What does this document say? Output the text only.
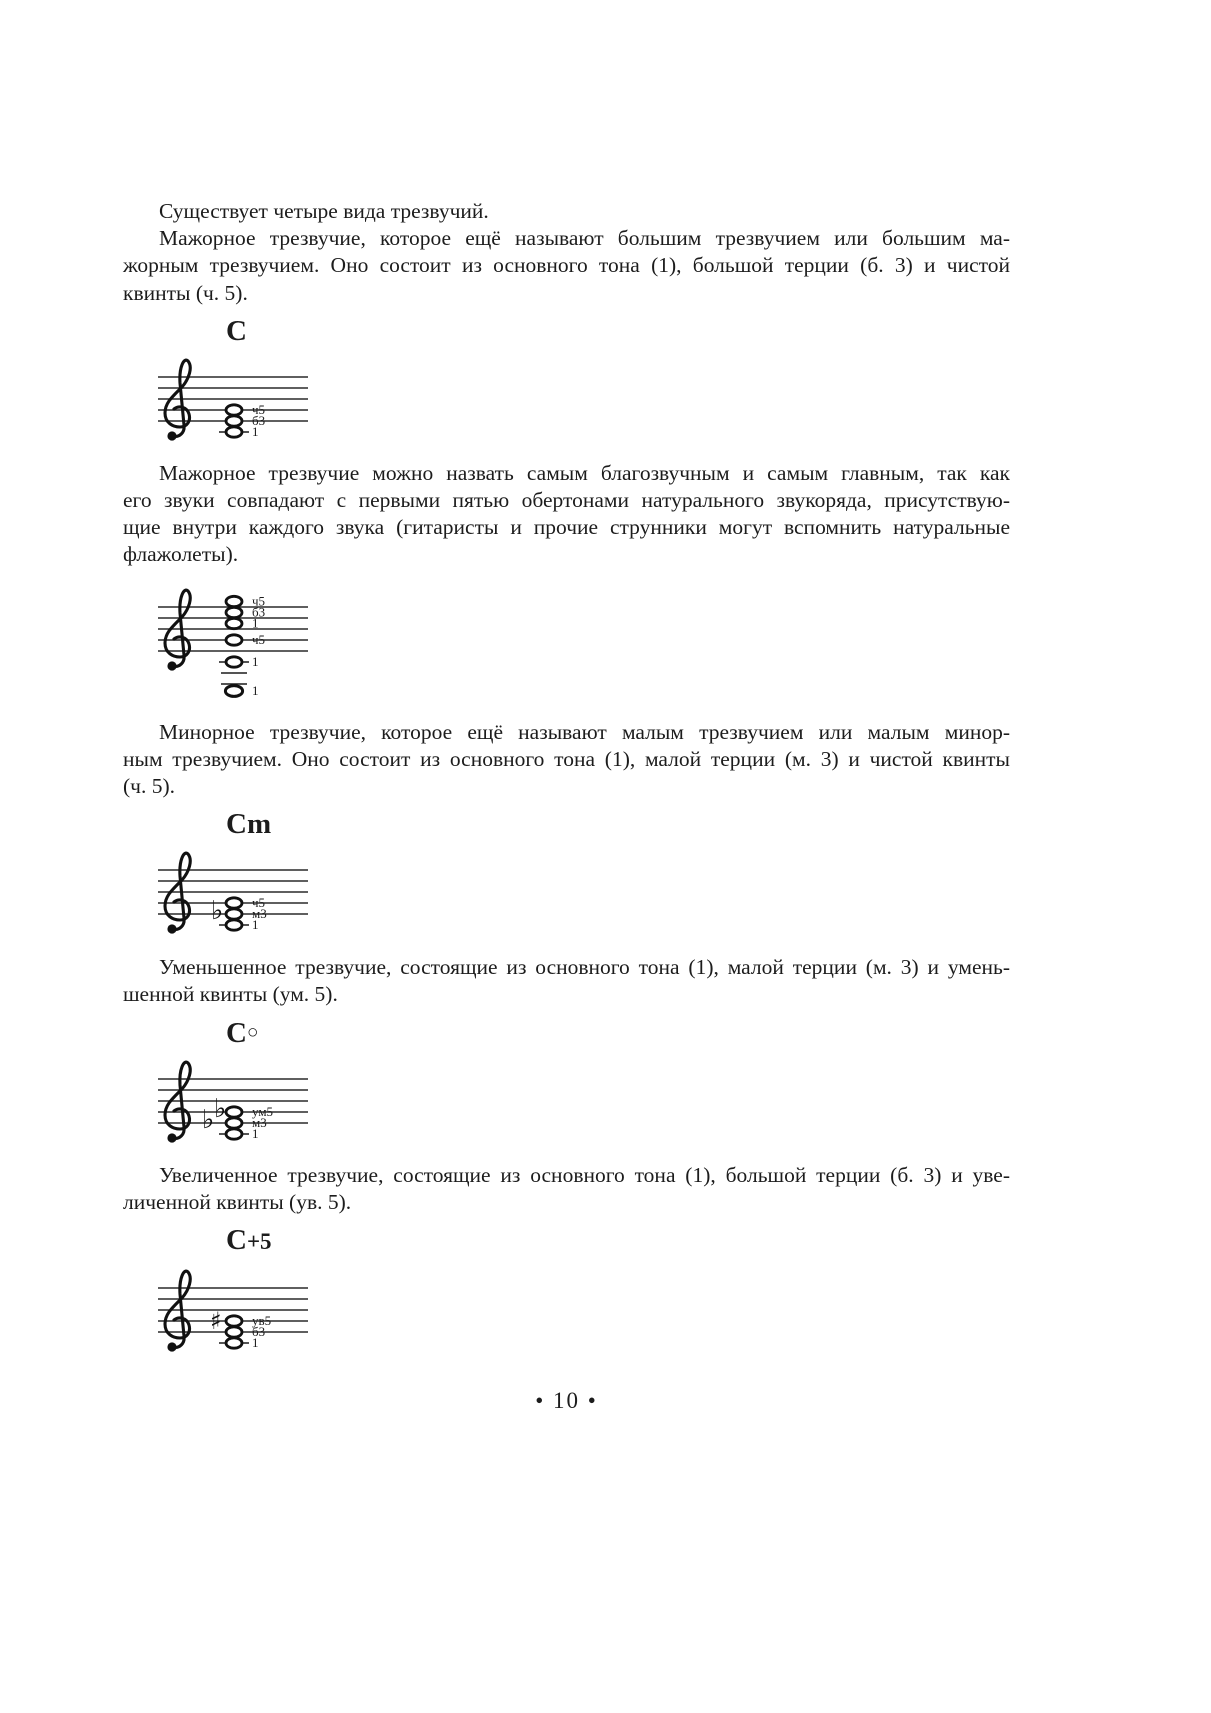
Существует четыре вида трезвучий.
Мажорное трезвучие, которое ещё называют большим трезвучием или большим ма-
жорным трезвучием. Оно состоит из основного тона (1), большой терции (б. 3) и чистой
квинты (ч. 5).
C
ч5
б3
1
Мажорное трезвучие можно назвать самым благозвучным и самым главным, так как
его звуки совпадают с первыми пятью обертонами натурального звукоряда, присутствую-
щие внутри каждого звука (гитаристы и прочие струнники могут вспомнить натуральные
флажолеты).
ч5
б3
1
ч5
1
1
Минорное трезвучие, которое ещё называют малым трезвучием или малым минор-
ным трезвучием. Оно состоит из основного тона (1), малой терции (м. 3) и чистой квинты
(ч. 5).
Cm
♭ ч5
м3
1
Уменьшенное трезвучие, состоящие из основного тона (1), малой терции (м. 3) и умень-
шенной квинты (ум. 5).
C○
♭ ♭ ум5
м3
1
Увеличенное трезвучие, состоящие из основного тона (1), большой терции (б. 3) и уве-
личенной квинты (ув. 5).
C+5
♯ ув5
б3
1
• 10 •
